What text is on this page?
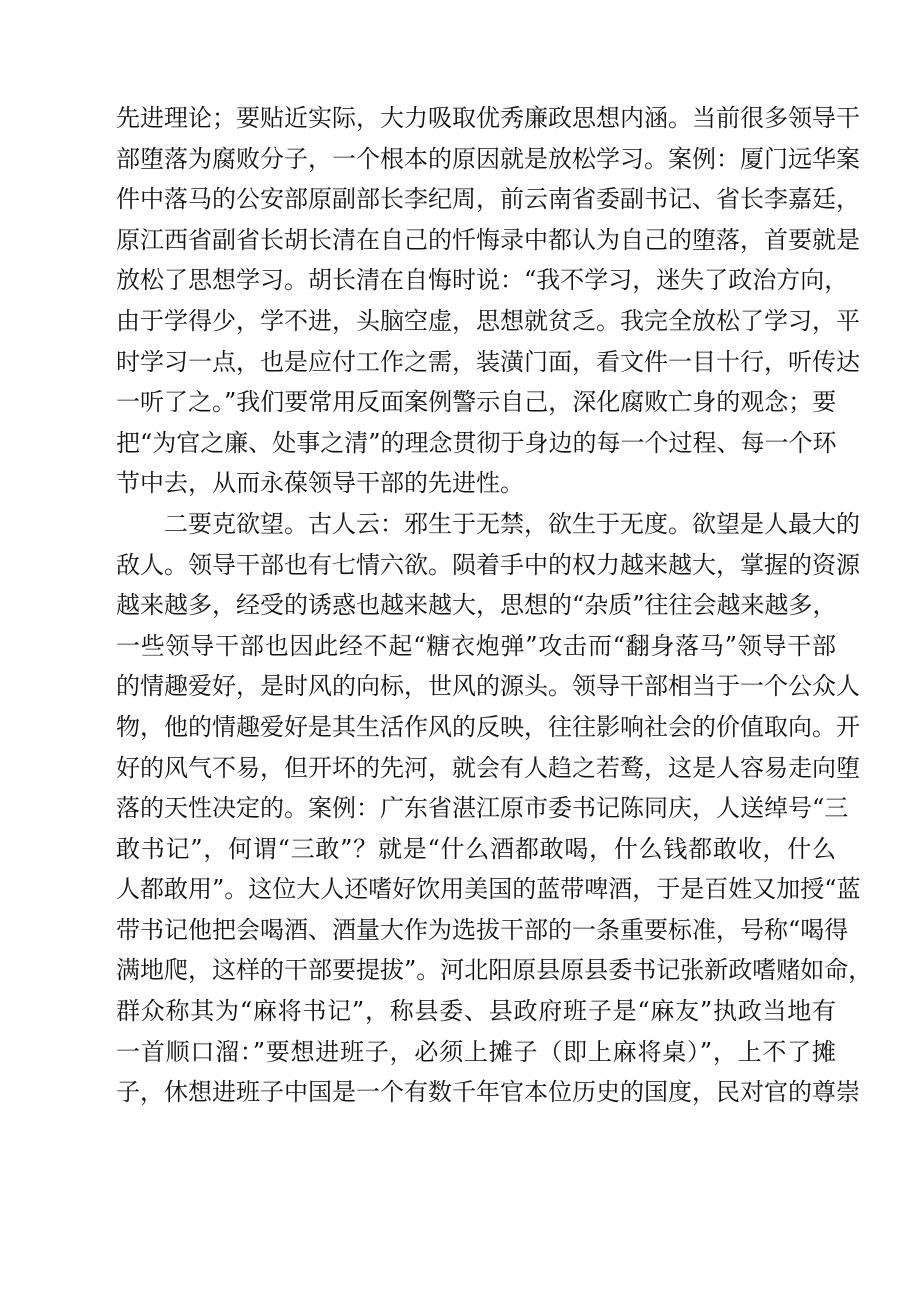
先进理论；要贴近实际，大力吸取优秀廉政思想内涵。当前很多领导干
部堕落为腐败分子，一个根本的原因就是放松学习。案例：厦门远华案
件中落马的公安部原副部长李纪周，前云南省委副书记、省长李嘉廷，
原江西省副省长胡长清在自己的忏悔录中都认为自己的堕落，首要就是
放松了思想学习。胡长清在自悔时说：“我不学习，迷失了政治方向，
由于学得少，学不进，头脑空虚，思想就贫乏。我完全放松了学习，平
时学习一点，也是应付工作之需，装潢门面，看文件一目十行，听传达
一听了之。”我们要常用反面案例警示自己，深化腐败亡身的观念；要
把“为官之廉、处事之清”的理念贯彻于身边的每一个过程、每一个环
节中去，从而永葆领导干部的先进性。
二要克欲望。古人云：邪生于无禁，欲生于无度。欲望是人最大的
敌人。领导干部也有七情六欲。陨着手中的权力越来越大，掌握的资源
越来越多，经受的诱惑也越来越大，思想的“杂质”往往会越来越多，
一些领导干部也因此经不起“糖衣炮弹”攻击而“翻身落马”领导干部
的情趣爱好，是时风的向标，世风的源头。领导干部相当于一个公众人
物，他的情趣爱好是其生活作风的反映，往往影响社会的价值取向。开
好的风气不易，但开坏的先河，就会有人趋之若鹜，这是人容易走向堕
落的天性决定的。案例：广东省湛江原市委书记陈同庆，人送绰号“三
敢书记”，何谓“三敢”？就是“什么酒都敢喝，什么钱都敢收，什么
人都敢用”。这位大人还嗜好饮用美国的蓝带啤酒，于是百姓又加授“蓝
带书记他把会喝酒、酒量大作为选拔干部的一条重要标准，号称“喝得
满地爬，这样的干部要提拔”。河北阳原县原县委书记张新政嗜赌如命，
群众称其为“麻将书记”，称县委、县政府班子是“麻友”执政当地有
一首顺口溜：”要想进班子，必须上摊子（即上麻将桌）”，上不了摊
子，休想进班子中国是一个有数千年官本位历史的国度，民对官的尊崇
